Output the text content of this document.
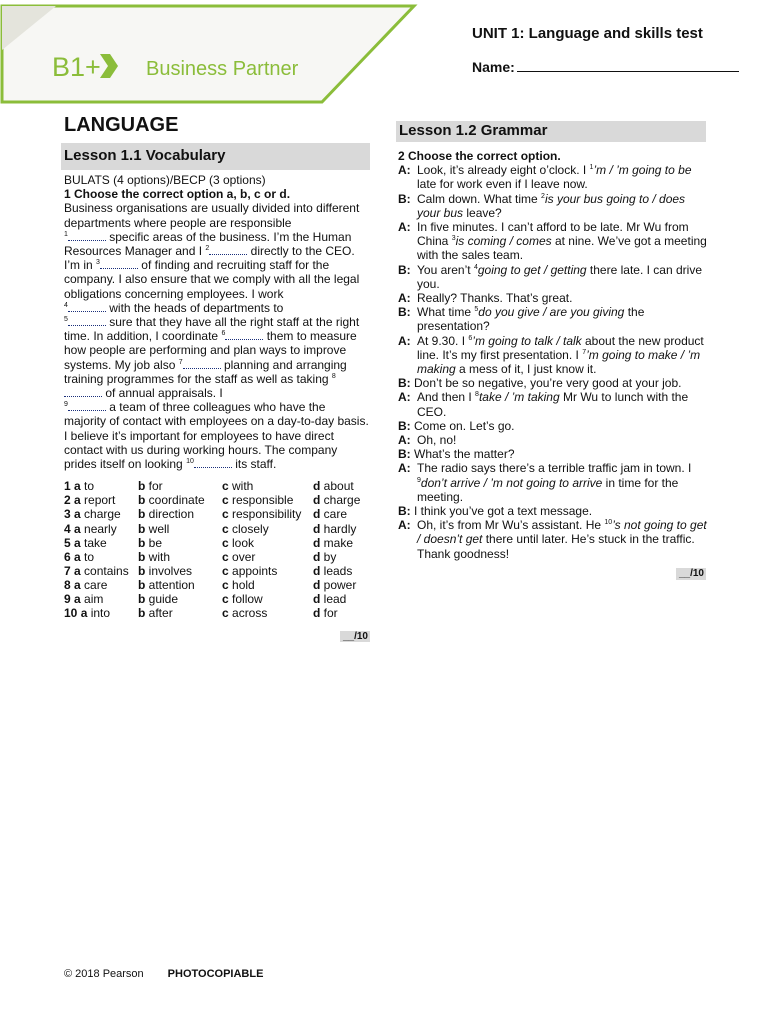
B1+ Business Partner
UNIT 1: Language and skills test
Name:
LANGUAGE
Lesson 1.1 Vocabulary
Lesson 1.2 Grammar
BULATS (4 options)/BECP (3 options)
1 Choose the correct option a, b, c or d.

Business organisations are usually divided into different departments where people are responsible
$^1$	specific areas of the business. I’m the Human Resources Manager and I $^2$	directly to the CEO. I’m in $^3$	of finding and recruiting staff for the company. I also ensure that we comply with all the legal obligations concerning employees. I work
$^4$	with the heads of departments to
$^5$	sure that they have all the right staff at the right time. In addition, I coordinate $^6$	them to measure how people are performing and plan ways to improve systems. My job also $^7$	planning and arranging training programmes for the staff as well as taking $^8$ of annual appraisals. I
$^9$	a team of three colleagues who have the majority of contact with employees on a day-to-day basis. I believe it’s important for employees to have direct contact with us during working hours. The company prides itself on looking $^{10}$	its staff.

1 a to	b for	c with	d about
2 a report	b coordinate	c responsible	d charge
3 a charge	b direction	c responsibility	d care
4 a nearly	b well	c closely	d hardly
5 a take	b be	c look	d make
6 a to	b with	c over	d by
7 a contains	b involves	c appoints	d leads
8 a care	b attention	c hold	d power
9 a aim	b guide	c follow	d lead
10 a into	b after	c across	d for
__/10
2 Choose the correct option.
A: Look, it’s already eight o’clock. I $^1$’m / ’m going to be late for work even if I leave now.
B: Calm down. What time $^2$is your bus going to / does your bus leave?
A: In five minutes. I can’t afford to be late. Mr Wu from China $^3$is coming / comes at nine. We’ve got a meeting with the sales team.
B: You aren’t $^4$going to get / getting there late. I can drive you.
A: Really? Thanks. That’s great.
B: What time $^5$do you give / are you giving the presentation?
A: At 9.30. I $^6$’m going to talk / talk about the new product line. It’s my first presentation. I $^7$’m going to make / ’m making a mess of it, I just know it.
B: Don’t be so negative, you’re very good at your job.
A: And then I $^8$take / ’m taking Mr Wu to lunch with the CEO.
B: Come on. Let’s go.
A: Oh, no!
B: What’s the matter?
A: The radio says there’s a terrible traffic jam in town. I $^9$don’t arrive / ’m not going to arrive in time for the meeting.
B: I think you’ve got a text message.
A: Oh, it’s from Mr Wu’s assistant. He $^{10}$’s not going to get / doesn’t get there until later. He’s stuck in the traffic. Thank goodness!
__/10
© 2018 Pearson PHOTOCOPIABLE
